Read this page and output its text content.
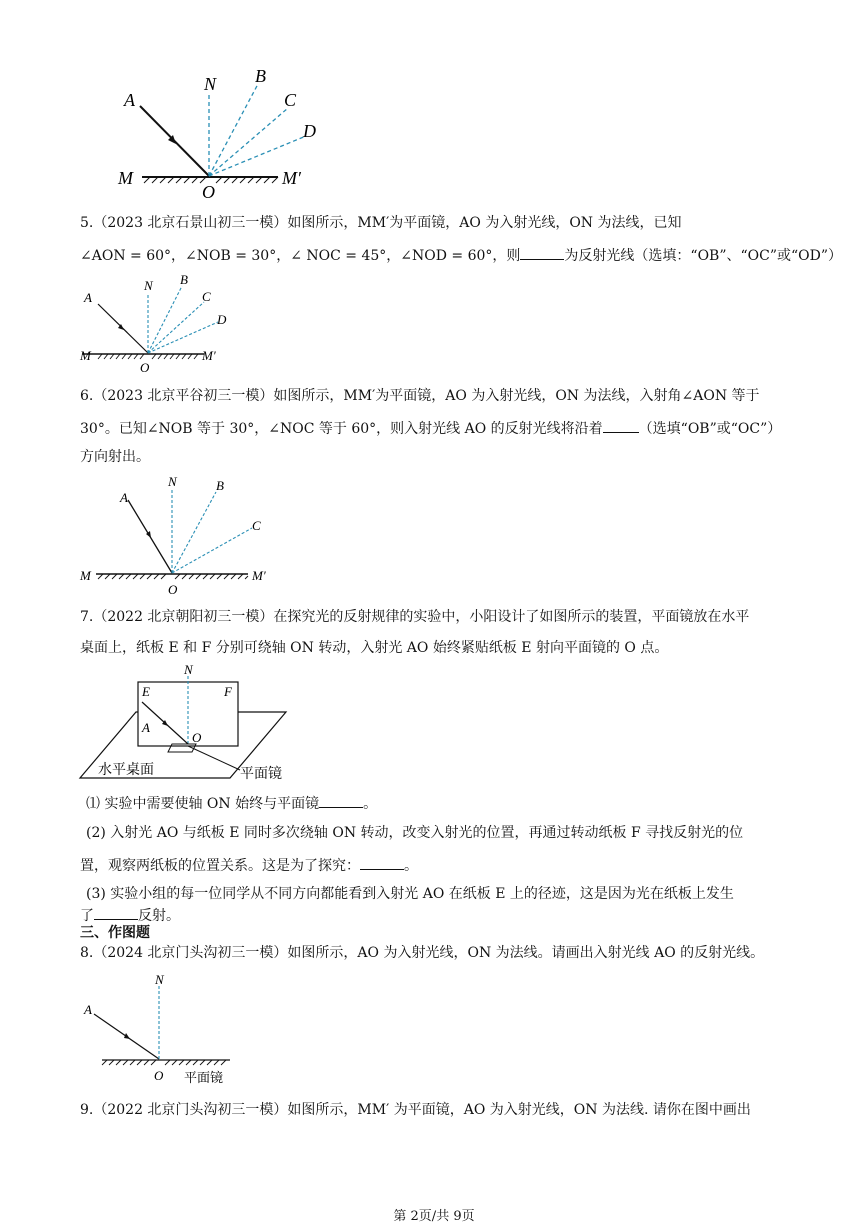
A
N B
C
D
M
O
M′
5.（2023 北京石景山初三一模）如图所示，MM′为平面镜，AO 为入射光线，ON 为法线，已知
∠AON = 60°，∠NOB = 30°，∠ NOC = 45°，∠NOD = 60°，则	为反射光线（选填：“OB”、“OC”或“OD”）
A
N B
C
D
M
O
M′
6.（2023 北京平谷初三一模）如图所示，MM′为平面镜，AO 为入射光线，ON 为法线，入射角∠AON 等于
30°。已知∠NOB 等于 30°，∠NOC 等于 60°，则入射光线 AO 的反射光线将沿着	（选填“OB”或“OC”）
方向射出。
A
N	B
C
M
O
M′
7.（2022 北京朝阳初三一模）在探究光的反射规律的实验中，小阳设计了如图所示的装置，平面镜放在水平
桌面上，纸板 E 和 F 分别可绕轴 ON 转动，入射光 AO 始终紧贴纸板 E 射向平面镜的 O 点。
N
E	F
A
O
水平桌面	平面镜
⑴ 实验中需要使轴 ON 始终与平面镜	。
(2) 入射光 AO 与纸板 E 同时多次绕轴 ON 转动，改变入射光的位置，再通过转动纸板 F 寻找反射光的位
置，观察两纸板的位置关系。这是为了探究：	。
(3) 实验小组的每一位同学从不同方向都能看到入射光 AO 在纸板 E 上的径迹，这是因为光在纸板上发生
了	反射。
三、作图题
8.（2024 北京门头沟初三一模）如图所示，AO 为入射光线，ON 为法线。请画出入射光线 AO 的反射光线。
A
N
O 平面镜
9.（2022 北京门头沟初三一模）如图所示，MM′ 为平面镜，AO 为入射光线，ON 为法线. 请你在图中画出
第 2页/共 9页
